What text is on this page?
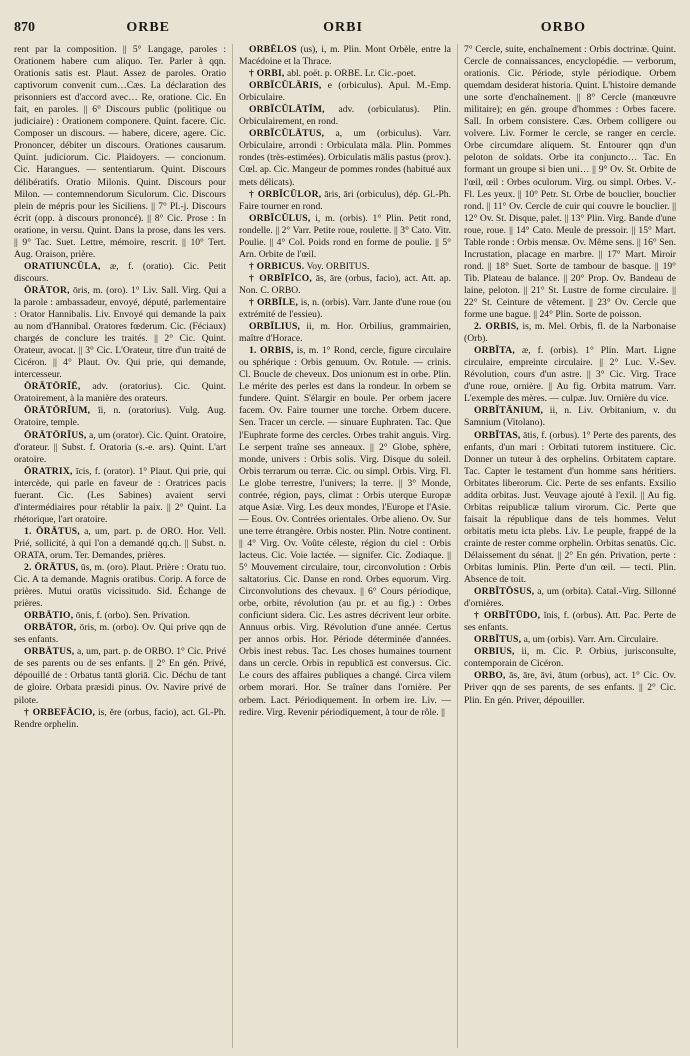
870	ORBE	ORBI	ORBO

rent par la composition. || 5° Langage, paroles : Orationem habere cum aliquo. Ter. Parler à qqn. Orationis satis est. Plaut. Assez de paroles. Oratio captivorum convenit cum…Cæs. La déclaration des prisonniers est d'accord avec… Re, oratione. Cic. En fait, en paroles. || 6° Discours public (politique ou judiciaire) : Orationem componere. Quint. facere. Cic. Composer un discours. — habere, dicere, agere. Cic. Prononcer, débiter un discours. Orationes causarum. Quint. judiciorum. Cic. Plaidoyers. — concionum. Cic. Harangues. — sententiarum. Quint. Discours délibératifs. Oratio Milonis. Quint. Discours pour Milon. — contemnendorum Siculorum. Cic. Discours plein de mépris pour les Siciliens. || 7° Pl.-j. Discours écrit (opp. à discours prononcé). || 8° Cic. Prose : In oratione, in versu. Quint. Dans la prose, dans les vers. || 9° Tac. Suet. Lettre, mémoire, rescrit. || 10° Tert. Aug. Oraison, prière.

ORATIUNCŬLA, æ, f. (oratio). Cic. Petit discours.

ŌRĀTOR, ōris, m. (oro). 1° Liv. Sall. Virg. Qui a la parole : ambassadeur, envoyé, député, parlementaire : Orator Hannibalis. Liv. Envoyé qui demande la paix au nom d'Hannibal. Oratores fœderum. Cic. (Féciaux) chargés de conclure les traités. || 2° Cic. Quint. Orateur, avocat. || 3° Cic. L'Orateur, titre d'un traité de Cicéron. || 4° Plaut. Ov. Qui prie, qui demande, intercesseur.

ŌRĀTŌRĬĒ, adv. (oratorius). Cic. Quint. Oratoirement, à la manière des orateurs.

ŌRĀTŌRĬUM, ĭi, n. (oratorius). Vulg. Aug. Oratoire, temple.

ŌRĀTŌRĬUS, a, um (orator). Cic. Quint. Oratoire, d'orateur. || Subst. f. Oratoria (s.-e. ars). Quint. L'art oratoire.

ŌRATRIX, īcis, f. (orator). 1° Plaut. Qui prie, qui intercède, qui parle en faveur de : Oratrices pacis fuerant. Cic. (Les Sabines) avaient servi d'intermédiaires pour rétablir la paix. || 2° Quint. La rhétorique, l'art oratoire.

1. ŌRĀTUS, a, um, part. p. de ORO. Hor. Vell. Prié, sollicité, à qui l'on a demandé qq.ch. || Subst. n. ORATA, orum. Ter. Demandes, prières.

2. ŌRĀTUS, ūs, m. (oro). Plaut. Prière : Oratu tuo. Cic. A ta demande. Magnis oratibus. Corip. A force de prières. Mutui oratūs vicissitudo. Sid. Échange de prières.

ORBĀTIO, ōnis, f. (orbo). Sen. Privation.

ORBĀTOR, ōris, m. (orbo). Ov. Qui prive qqn de ses enfants.

ORBĀTUS, a, um, part. p. de ORBO. 1° Cic. Privé de ses parents ou de ses enfants. || 2° En gén. Privé, dépouillé de : Orbatus tantā gloriā. Cic. Déchu de tant de gloire. Orbata præsidi pinus. Ov. Navire privé de pilote.

† ORBEFĀCIO, is, ĕre (orbus, facio), act. Gl.-Ph. Rendre orphelin.

ORBĒLOS (us), i, m. Plin. Mont Orbèle, entre la Macédoine et la Thrace.

† ORBI, abl. poët. p. ORBE. Lr. Cic.-poet.

ORBĬCŬLĀRIS, e (orbiculus). Apul. M.-Emp. Orbiculaire.

ORBĬCŬLĀTĬM, adv. (orbiculatus). Plin. Orbiculairement, en rond.

ORBĬCŬLĀTUS, a, um (orbiculus). Varr. Orbiculaire, arrondi : Orbiculata māla. Plin. Pommes rondes (très-estimées). Orbiculatis mālis pastus (prov.). Cœl. ap. Cic. Mangeur de pommes rondes (habitué aux mets délicats).

† ORBĬCŬLOR, āris, āri (orbiculus), dép. Gl.-Ph. Faire tourner en rond.

ORBĬCŬLUS, i, m. (orbis). 1° Plin. Petit rond, rondelle. || 2° Varr. Petite roue, roulette. || 3° Cato. Vitr. Poulie. || 4° Col. Poids rond en forme de poulie. || 5° Arn. Orbite de l'œil.

† ORBICUS. Voy. ORBITUS.

† ORBĬFĬCO, ās, āre (orbus, facio), act. Att. ap. Non. C. ORBO.

† ORBĪLE, is, n. (orbis). Varr. Jante d'une roue (ou extrémité de l'essieu).

ORBĪLIUS, ii, m. Hor. Orbilius, grammairien, maître d'Horace.

1. ORBIS, is, m. 1° Rond, cercle, figure circulaire ou sphérique : Orbis genuum. Ov. Rotule. — crinis. Cl. Boucle de cheveux. Dos unionum est in orbe. Plin. Le mérite des perles est dans la rondeur. In orbem se fundere. Quint. S'élargir en boule. Per orbem jacere facem. Ov. Faire tourner une torche. Orbem ducere. Sen. Tracer un cercle. — sinuare Euphraten. Tac. Que l'Euphrate forme des cercles. Orbes trahit anguis. Virg. Le serpent traîne ses anneaux. || 2° Globe, sphère, monde, univers : Orbis solis. Virg. Disque du soleil. Orbis terrarum ou terræ. Cic. ou simpl. Orbis. Virg. Fl. Le globe terrestre, l'univers; la terre. || 3° Monde, contrée, région, pays, climat : Orbis uterque Europæ atque Asiæ. Virg. Les deux mondes, l'Europe et l'Asie. — Eous. Ov. Contrées orientales. Orbe alieno. Ov. Sur une terre étrangère. Orbis noster. Plin. Notre continent. || 4° Virg. Ov. Voûte céleste, région du ciel : Orbis lacteus. Cic. Voie lactée. — signifer. Cic. Zodiaque. || 5° Mouvement circulaire, tour, circonvolution : Orbis saltatorius. Cic. Danse en rond. Orbes equorum. Virg. Circonvolutions des chevaux. || 6° Cours périodique, orbe, orbite, révolution (au pr. et au fig.) : Orbes conficiunt sidera. Cic. Les astres décrivent leur orbite. Annuus orbis. Virg. Révolution d'une année. Certus per annos orbis. Hor. Période déterminée d'années. Orbis inest rebus. Tac. Les choses humaines tournent dans un cercle. Orbis in republicā est conversus. Cic. Le cours des affaires publiques a changé. Circa vilem orbem morari. Hor. Se traîner dans l'ornière. Per orbem. Lact. Périodiquement. In orbem ire. Liv. — redire. Virg. Revenir périodiquement, à tour de rôle. ||

7° Cercle, suite, enchaînement : Orbis doctrinæ. Quint. Cercle de connaissances, encyclopédie. — verborum, orationis. Cic. Période, style périodique. Orbem quemdam desiderat historia. Quint. L'histoire demande une sorte d'enchaînement. || 8° Cercle (manœuvre militaire); en gén. groupe d'hommes : Orbes facere. Sall. In orbem consistere. Cæs. Orbem colligere ou volvere. Liv. Former le cercle, se ranger en cercle. Orbe circumdare aliquem. St. Entourer qqn d'un peloton de soldats. Orbe ita conjuncto… Tac. En formant un groupe si bien uni… || 9° Ov. St. Orbite de l'œil, œil : Orbes oculorum. Virg. ou simpl. Orbes. V.-Fl. Les yeux. || 10° Petr. St. Orbe de bouclier, bouclier rond. || 11° Ov. Cercle de cuir qui couvre le bouclier. || 12° Ov. St. Disque, palet. || 13° Plin. Virg. Bande d'une roue, roue. || 14° Cato. Meule de pressoir. || 15° Mart. Table ronde : Orbis mensæ. Ov. Même sens. || 16° Sen. Incrustation, placage en marbre. || 17° Mart. Miroir rond. || 18° Suet. Sorte de tambour de basque. || 19° Tib. Plateau de balance. || 20° Prop. Ov. Bandeau de laine, peloton. || 21° St. Lustre de forme circulaire. || 22° St. Ceinture de vêtement. || 23° Ov. Cercle que forme une bague. || 24° Plin. Sorte de poisson.

2. ORBIS, is, m. Mel. Orbis, fl. de la Narbonaise (Orb).

ORBĬTA, æ, f. (orbis). 1° Plin. Mart. Ligne circulaire, empreinte circulaire. || 2° Luc. V.-Sev. Révolution, cours d'un astre. || 3° Cic. Virg. Trace d'une roue, ornière. || Au fig. Orbita matrum. Varr. L'exemple des mères. — culpæ. Juv. Ornière du vice.

ORBĬTĀNIUM, ii, n. Liv. Orbitanium, v. du Samnium (Vitolano).

ORBĬTAS, ātis, f. (orbus). 1° Perte des parents, des enfants, d'un mari : Orbitati tutorem instituere. Cic. Donner un tuteur à des orphelins. Orbitatem captare. Tac. Capter le testament d'un homme sans héritiers. Orbitates liberorum. Cic. Perte de ses enfants. Exsilio addita orbitas. Just. Veuvage ajouté à l'exil. || Au fig. Orbitas reipublicæ talium virorum. Cic. Perte que faisait la république dans de tels hommes. Velut orbitatis metu icta plebs. Liv. Le peuple, frappé de la crainte de rester comme orphelin. Orbitas senatūs. Cic. Délaissement du sénat. || 2° En gén. Privation, perte : Orbitas luminis. Plin. Perte d'un œil. — tecti. Plin. Absence de toit.

ORBĬTŌSUS, a, um (orbita). Catal.-Virg. Sillonné d'ornières.

† ORBĬTŪDO, ĭnis, f. (orbus). Att. Pac. Perte de ses enfants.

ORBĬTUS, a, um (orbis). Varr. Arn. Circulaire.

ORBIUS, ii, m. Cic. P. Orbius, jurisconsulte, contemporain de Cicéron.

ORBO, ās, āre, āvi, ātum (orbus), act. 1° Cic. Ov. Priver qqn de ses parents, de ses enfants. || 2° Cic. Plin. En gén. Priver, dépouiller.
